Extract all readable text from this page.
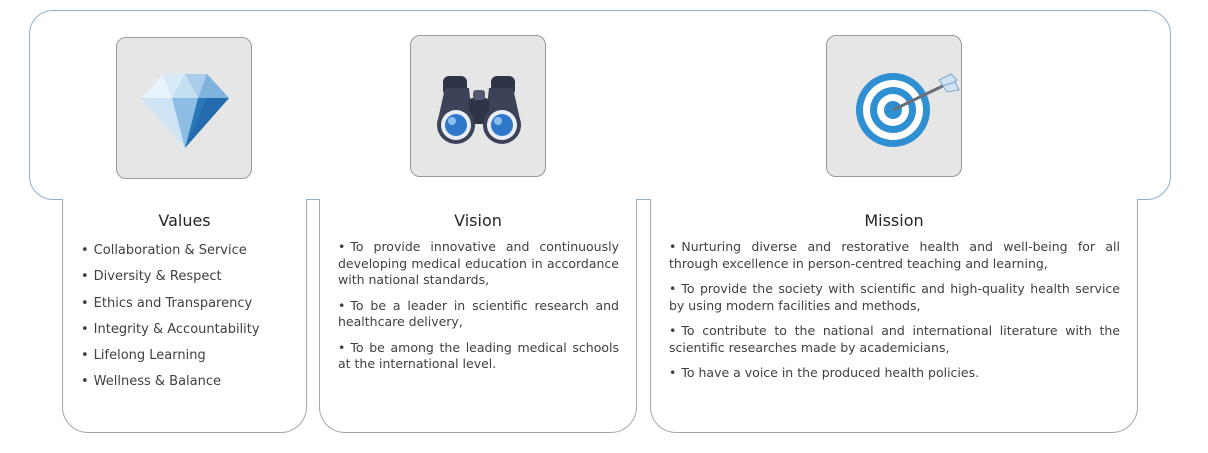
Values
• Collaboration & Service
• Diversity & Respect
• Ethics and Transparency
• Integrity & Accountability
• Lifelong Learning
• Wellness & Balance
Vision
• To provide innovative and continuously developing medical education in accordance with national standards,
• To be a leader in scientific research and healthcare delivery,
• To be among the leading medical schools at the international level.
Mission
• Nurturing diverse and restorative health and well-being for all through excellence in person-centred teaching and learning,
• To provide the society with scientific and high-quality health service by using modern facilities and methods,
• To contribute to the national and international literature with the scientific researches made by academicians,
• To have a voice in the produced health policies.
